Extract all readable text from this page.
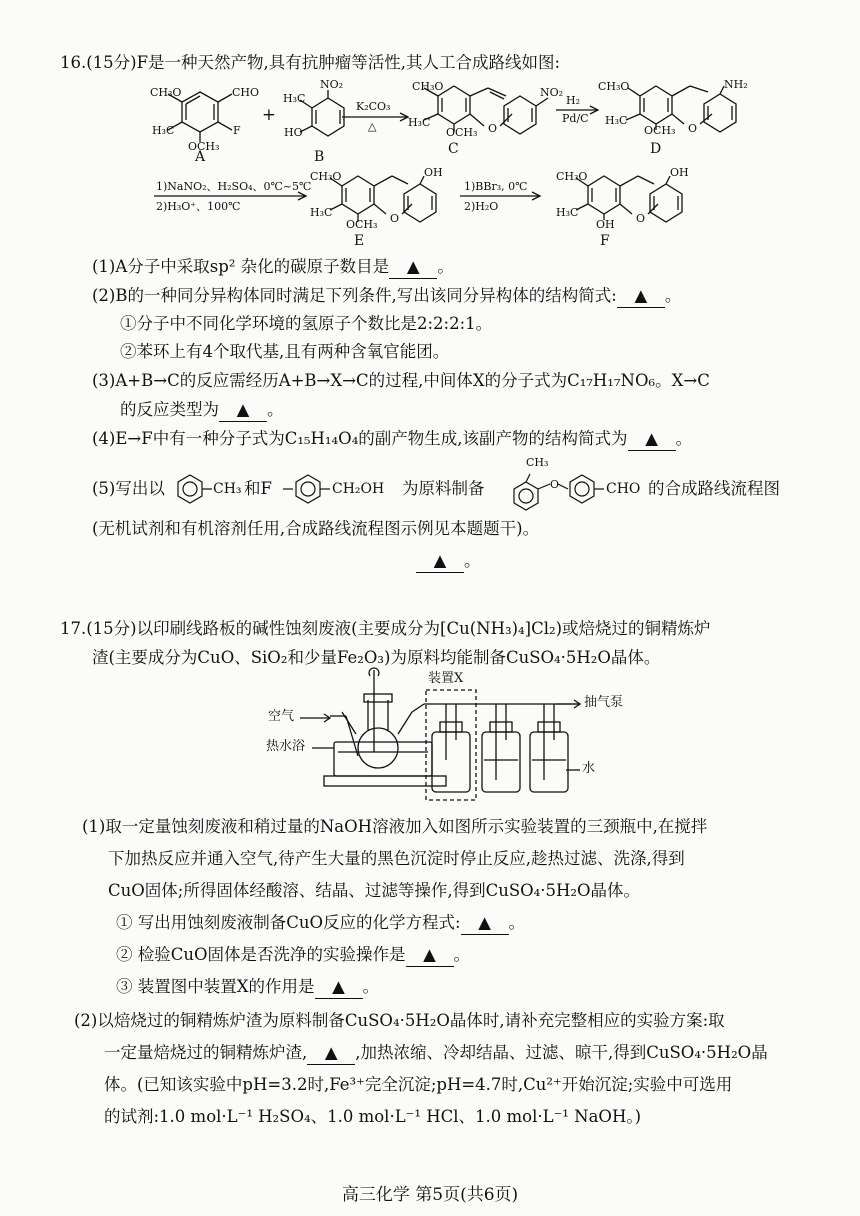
16.(15分)F是一种天然产物,具有抗肿瘤等活性,其人工合成路线如图:
CH₃O	CHO
H₃C	F
OCH₃
A
+
NO₂
H₃C
HO
B
K₂CO₃
△
CH₃O
H₃C
OCH₃ O
NO₂
C
H₂
Pd/C
CH₃O
H₃C
OCH₃ O
NH₂
D
1)NaNO₂、H₂SO₄、0℃~5℃
2)H₃O⁺、100℃
CH₃O
H₃C
OCH₃ O
OH
E
1)BBr₃, 0℃
2)H₂O
CH₃O
H₃C
OH O
OH
F
(1)A分子中采取sp² 杂化的碳原子数目是 ▲ 。
(2)B的一种同分异构体同时满足下列条件,写出该同分异构体的结构简式: ▲ 。
①分子中不同化学环境的氢原子个数比是2:2:2:1。
②苯环上有4个取代基,且有两种含氧官能团。
(3)A+B→C的反应需经历A+B→X→C的过程,中间体X的分子式为C₁₇H₁₇NO₆。X→C
的反应类型为 ▲ 。
(4)E→F中有一种分子式为C₁₅H₁₄O₄的副产物生成,该副产物的结构简式为 ▲ 。
(5)写出以	CH₃ 和F	CH₂OH 为原料制备
CH₃
O	CHO 的合成路线流程图
(无机试剂和有机溶剂任用,合成路线流程图示例见本题题干)。
▲ 。
17.(15分)以印刷线路板的碱性蚀刻废液(主要成分为[Cu(NH₃)₄]Cl₂)或焙烧过的铜精炼炉
渣(主要成分为CuO、SiO₂和少量Fe₂O₃)为原料均能制备CuSO₄·5H₂O晶体。
装置X
空气
抽气泵
热水浴
水
(1)取一定量蚀刻废液和稍过量的NaOH溶液加入如图所示实验装置的三颈瓶中,在搅拌
下加热反应并通入空气,待产生大量的黑色沉淀时停止反应,趁热过滤、洗涤,得到
CuO固体;所得固体经酸溶、结晶、过滤等操作,得到CuSO₄·5H₂O晶体。
① 写出用蚀刻废液制备CuO反应的化学方程式: ▲ 。
② 检验CuO固体是否洗净的实验操作是 ▲ 。
③ 装置图中装置X的作用是 ▲ 。
(2)以焙烧过的铜精炼炉渣为原料制备CuSO₄·5H₂O晶体时,请补充完整相应的实验方案:取
一定量焙烧过的铜精炼炉渣, ▲ ,加热浓缩、冷却结晶、过滤、晾干,得到CuSO₄·5H₂O晶
体。(已知该实验中pH=3.2时,Fe³⁺完全沉淀;pH=4.7时,Cu²⁺开始沉淀;实验中可选用
的试剂:1.0 mol·L⁻¹ H₂SO₄、1.0 mol·L⁻¹ HCl、1.0 mol·L⁻¹ NaOH。)
高三化学 第5页(共6页)
